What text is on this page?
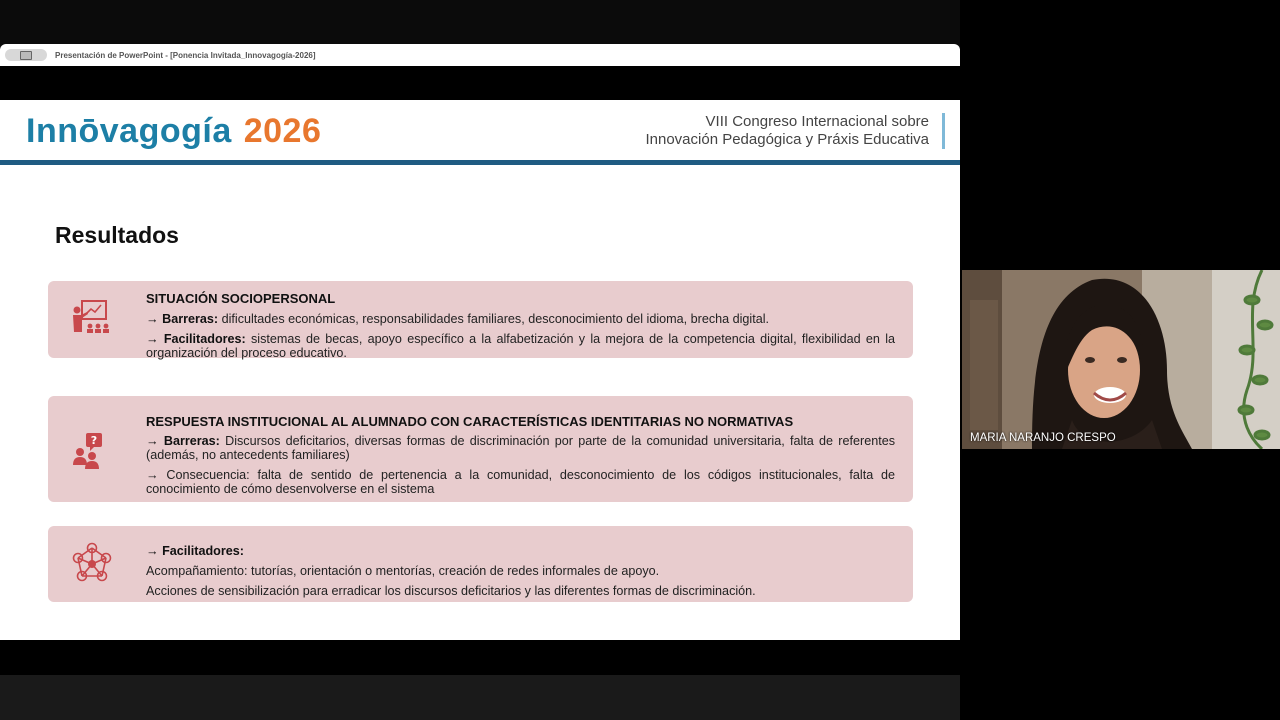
Presentación de PowerPoint - [Ponencia Invitada_Innovagogía-2026]
Innōvagogía 2026	VIII Congreso Internacional sobre
Innovación Pedagógica y Práxis Educativa
Resultados

SITUACIÓN SOCIOPERSONAL

→ Barreras: dificultades económicas, responsabilidades familiares, desconocimiento del idioma, brecha digital.

→ Facilitadores: sistemas de becas, apoyo específico a la alfabetización y la mejora de la competencia digital, flexibilidad en la organización del proceso educativo.

?

RESPUESTA INSTITUCIONAL AL ALUMNADO CON CARACTERÍSTICAS IDENTITARIAS NO NORMATIVAS

→ Barreras: Discursos deficitarios, diversas formas de discriminación por parte de la comunidad universitaria, falta de referentes (además, no antecedents familiares)

→ Consecuencia: falta de sentido de pertenencia a la comunidad, desconocimiento de los códigos institucionales, falta de conocimiento de cómo desenvolverse en el sistema

→ Facilitadores:

Acompañamiento: tutorías, orientación o mentorías, creación de redes informales de apoyo.

Acciones de sensibilización para erradicar los discursos deficitarios y las diferentes formas de discriminación.

MARIA NARANJO CRESPO
